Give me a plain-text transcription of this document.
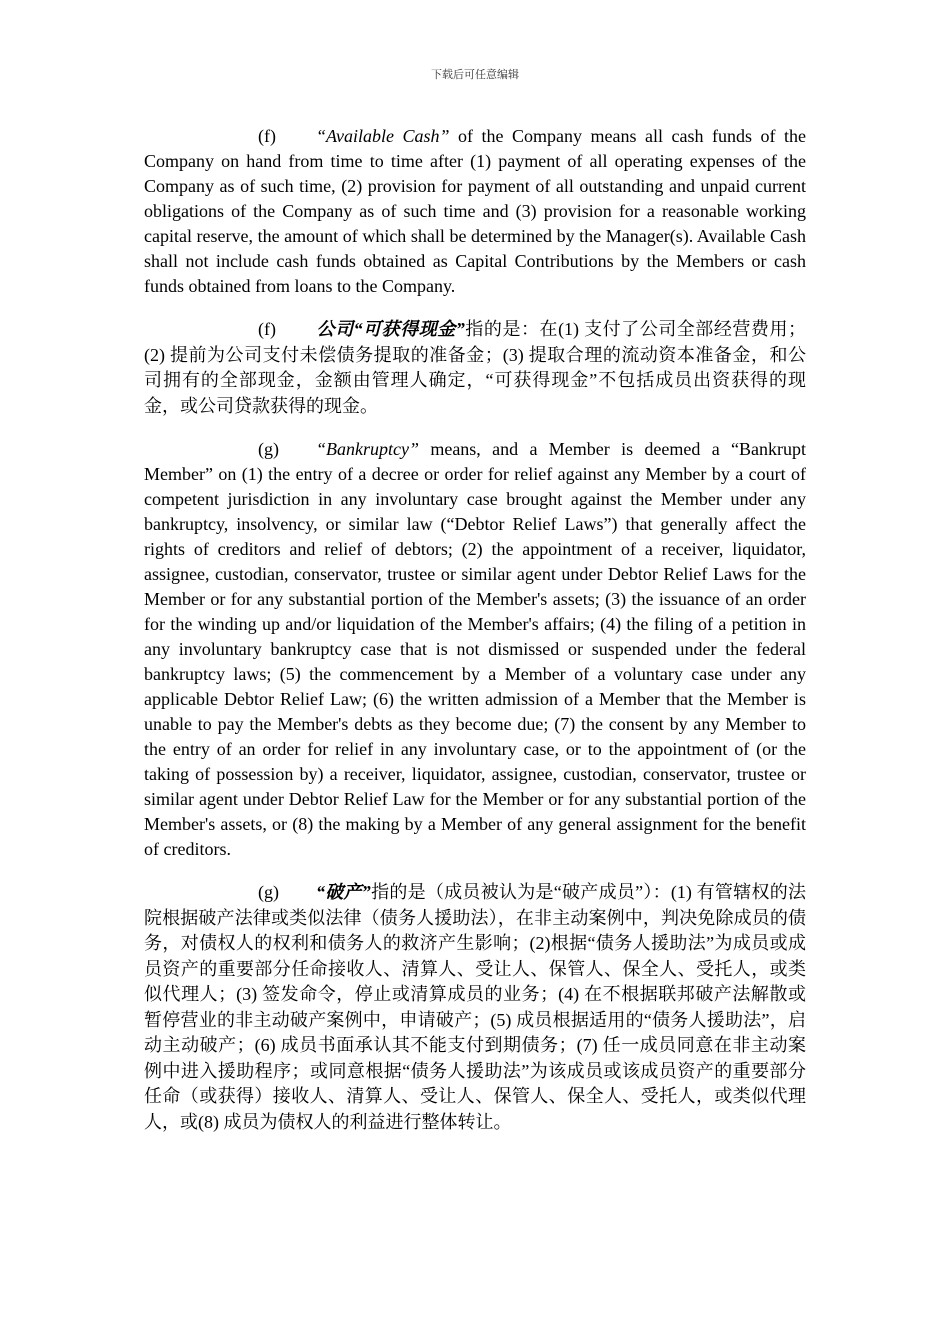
下载后可任意编辑

(f) “Available Cash” of the Company means all cash funds of the Company on hand from time to time after (1) payment of all operating expenses of the Company as of such time, (2) provision for payment of all outstanding and unpaid current obligations of the Company as of such time and (3) provision for a reasonable working capital reserve, the amount of which shall be determined by the Manager(s). Available Cash shall not include cash funds obtained as Capital Contributions by the Members or cash funds obtained from loans to the Company.

(f) 公司“可获得现金”指的是：在(1) 支付了公司全部经营费用；(2) 提前为公司支付未偿债务提取的准备金；(3) 提取合理的流动资本准备金，和公司拥有的全部现金，金额由管理人确定，“可获得现金”不包括成员出资获得的现金，或公司贷款获得的现金。

(g) “Bankruptcy” means, and a Member is deemed a “Bankrupt Member” on (1) the entry of a decree or order for relief against any Member by a court of competent jurisdiction in any involuntary case brought against the Member under any bankruptcy, insolvency, or similar law (“Debtor Relief Laws”) that generally affect the rights of creditors and relief of debtors; (2) the appointment of a receiver, liquidator, assignee, custodian, conservator, trustee or similar agent under Debtor Relief Laws for the Member or for any substantial portion of the Member's assets; (3) the issuance of an order for the winding up and/or liquidation of the Member's affairs; (4) the filing of a petition in any involuntary bankruptcy case that is not dismissed or suspended under the federal bankruptcy laws; (5) the commencement by a Member of a voluntary case under any applicable Debtor Relief Law; (6) the written admission of a Member that the Member is unable to pay the Member's debts as they become due; (7) the consent by any Member to the entry of an order for relief in any involuntary case, or to the appointment of (or the taking of possession by) a receiver, liquidator, assignee, custodian, conservator, trustee or similar agent under Debtor Relief Law for the Member or for any substantial portion of the Member's assets, or (8) the making by a Member of any general assignment for the benefit of creditors.

(g) “破产”指的是（成员被认为是“破产成员”）：(1) 有管辖权的法院根据破产法律或类似法律（债务人援助法），在非主动案例中，判决免除成员的债务，对债权人的权利和债务人的救济产生影响；(2)根据“债务人援助法”为成员或成员资产的重要部分任命接收人、清算人、受让人、保管人、保全人、受托人，或类似代理人；(3) 签发命令，停止或清算成员的业务；(4) 在不根据联邦破产法解散或暂停营业的非主动破产案例中，申请破产；(5) 成员根据适用的“债务人援助法”，启动主动破产；(6) 成员书面承认其不能支付到期债务；(7) 任一成员同意在非主动案例中进入援助程序；或同意根据“债务人援助法”为该成员或该成员资产的重要部分任命（或获得）接收人、清算人、受让人、保管人、保全人、受托人，或类似代理人，或(8) 成员为债权人的利益进行整体转让。
